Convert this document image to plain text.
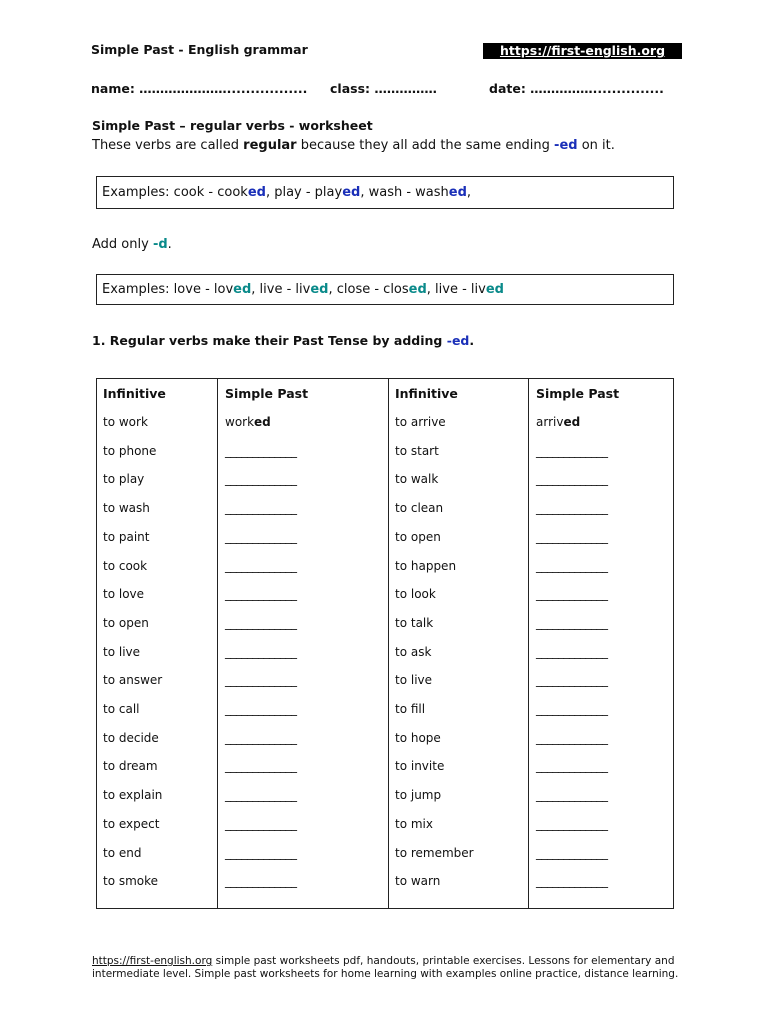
Simple Past - English grammar	https://first-english.org
name: …………………................. class: ……………	date: ……………...............
Simple Past – regular verbs - worksheet
These verbs are called regular because they all add the same ending -ed on it.
Examples: cook - cook ed , play - play ed , wash - wash ed ,
Add only -d.
Examples: love - lov ed , live - liv ed , close - clos ed , live - liv ed
1. Regular verbs make their Past Tense by adding -ed.
Infinitive	Simple Past	Infinitive	Simple Past
to work	worked	to arrive	arrived
to phone	_____________	to start	_____________
to play	_____________	to walk	_____________
to wash	_____________	to clean	_____________
to paint	_____________	to open	_____________
to cook	_____________	to happen	_____________
to love	_____________	to look	_____________
to open	_____________	to talk	_____________
to live	_____________	to ask	_____________
to answer	_____________	to live	_____________
to call	_____________	to fill	_____________
to decide	_____________	to hope	_____________
to dream	_____________	to invite	_____________
to explain	_____________	to jump	_____________
to expect	_____________	to mix	_____________
to end	_____________	to remember	_____________
to smoke	_____________	to warn	_____________
https://first-english.org simple past worksheets pdf, handouts, printable exercises. Lessons for elementary and intermediate level. Simple past worksheets for home learning with examples online practice, distance learning.
